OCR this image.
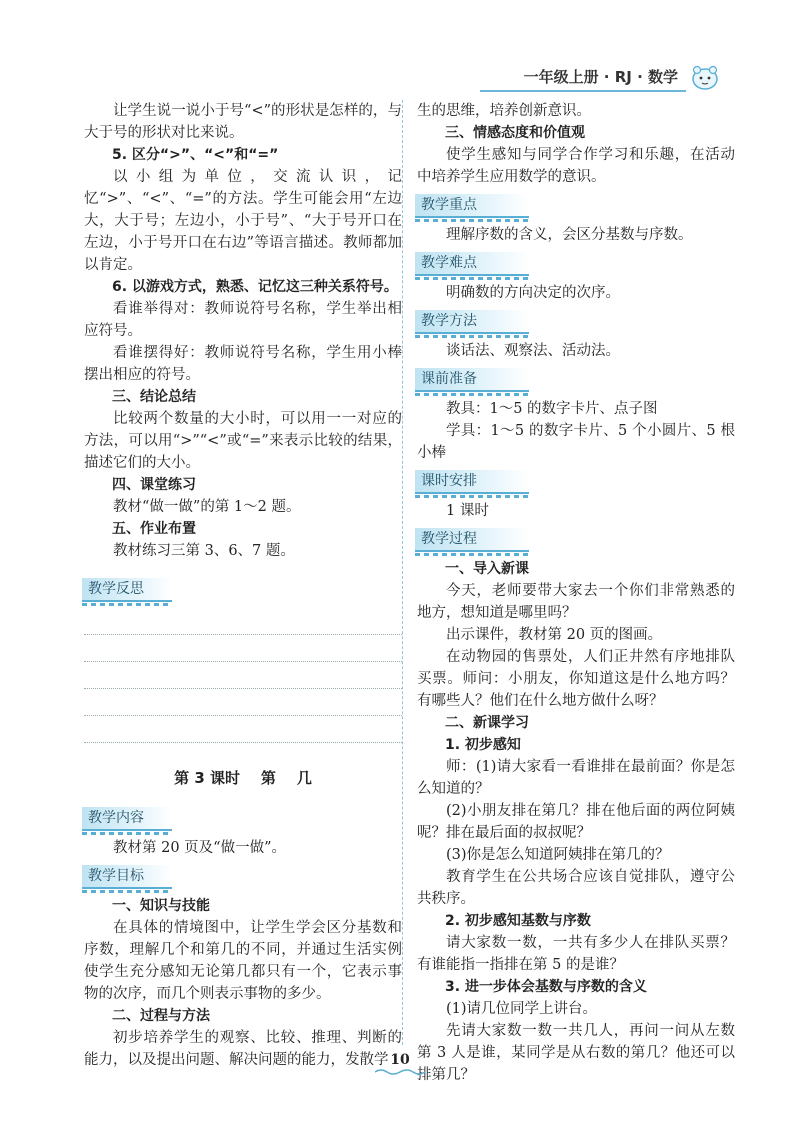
一年级上册 · RJ · 数学

让学生说一说小于号“<”的形状是怎样的，与大于号的形状对比来说。

5. 区分“>”、“<”和“=”

以小组为单位，交流认识，记忆“>”、“<”、“=”的方法。学生可能会用“左边大，大于号；左边小，小于号”、“大于号开口在左边，小于号开口在右边”等语言描述。教师都加以肯定。

6. 以游戏方式，熟悉、记忆这三种关系符号。

看谁举得对：教师说符号名称，学生举出相应符号。

看谁摆得好：教师说符号名称，学生用小棒摆出相应的符号。

三、结论总结

比较两个数量的大小时，可以用一一对应的方法，可以用“>”“<”或“=”来表示比较的结果，描述它们的大小。

四、课堂练习

教材“做一做”的第 1～2 题。

五、作业布置

教材练习三第 3、6、7 题。

教学反思

第 3 课时    第    几

教学内容

教材第 20 页及“做一做”。

教学目标

一、知识与技能

在具体的情境图中，让学生学会区分基数和序数，理解几个和第几的不同，并通过生活实例使学生充分感知无论第几都只有一个，它表示事物的次序，而几个则表示事物的多少。

二、过程与方法

初步培养学生的观察、比较、推理、判断的能力，以及提出问题、解决问题的能力，发散学

生的思维，培养创新意识。

三、情感态度和价值观

使学生感知与同学合作学习和乐趣，在活动中培养学生应用数学的意识。

教学重点

理解序数的含义，会区分基数与序数。

教学难点

明确数的方向决定的次序。

教学方法

谈话法、观察法、活动法。

课前准备

教具：1～5 的数字卡片、点子图

学具：1～5 的数字卡片、5 个小圆片、5 根小棒

课时安排

1 课时

教学过程

一、导入新课

今天，老师要带大家去一个你们非常熟悉的地方，想知道是哪里吗？

出示课件，教材第 20 页的图画。

在动物园的售票处，人们正井然有序地排队买票。师问：小朋友，你知道这是什么地方吗？有哪些人？他们在什么地方做什么呀？

二、新课学习

1. 初步感知

师：(1)请大家看一看谁排在最前面？你是怎么知道的？

(2)小朋友排在第几？排在他后面的两位阿姨呢？排在最后面的叔叔呢？

(3)你是怎么知道阿姨排在第几的？

教育学生在公共场合应该自觉排队，遵守公共秩序。

2. 初步感知基数与序数

请大家数一数，一共有多少人在排队买票？有谁能指一指排在第 5 的是谁？

3. 进一步体会基数与序数的含义

(1)请几位同学上讲台。

先请大家数一数一共几人，再问一问从左数第 3 人是谁，某同学是从右数的第几？他还可以排第几？

10
